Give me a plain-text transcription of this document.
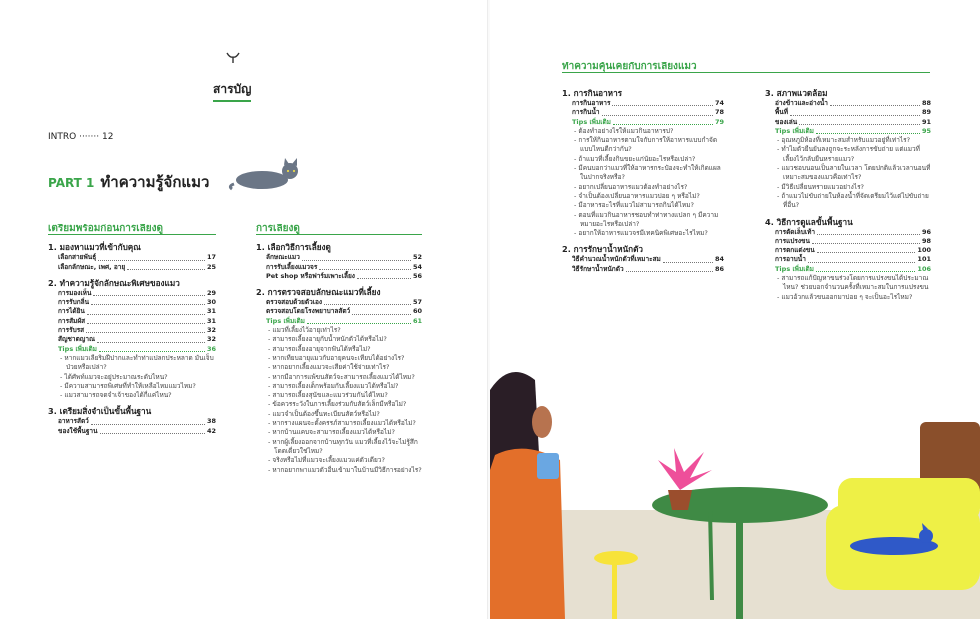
สารบัญ
INTRO ······· 12
PART 1 ทำความรู้จักแมว
เตรียมพร้อมก่อนการเลี้ยงดู
1. มองหาแมวที่เข้ากับคุณ
เลือกสายพันธุ์	17
เลือกลักษณะ, เพศ, อายุ	25
2. ทำความรู้จักลักษณะพิเศษของแมว
การมองเห็น	29
การรับกลิ่น	30
การได้ยิน	31
การสัมผัส	31
การรับรส	32
สัญชาตญาณ	32
Tips เพิ่มเติม	36
- หากแมวเลียริมฝีปากและทำท่าแปลกประหลาด มันเจ็บป่วยหรือเปล่า?
- ได้ศัพท์แมวจะอยู่ประมาณระดับไหน?
- มีความสามารถพิเศษที่ทำให้เหลือไหมแมวไหม?
- แมวสามารถจดจำเจ้าของได้กี่แค่ไหน?
3. เตรียมสิ่งจำเป็นขั้นพื้นฐาน
อาหารสัตว์	38
ของใช้พื้นฐาน	42
การเลี้ยงดู
1. เลือกวิธีการเลี้ยงดู
ลักษณะแมว	52
การรับเลี้ยงแมวจร	54
Pet shop หรือฟาร์มเพาะเลี้ยง	56
2. การตรวจสอบลักษณะแมวที่เลี้ยง
ตรวจสอบด้วยตัวเอง	57
ตรวจสอบโดยโรงพยาบาลสัตว์	60
Tips เพิ่มเติม	61
- แมวที่เลี้ยงไว้อายุเท่าไร?
- สามารถเลี้ยงอายุกับน้ำหนักตัวได้หรือไม่?
- สามารถเลี้ยงอายุจากฟันได้หรือไม่?
- หากเทียบอายุแมวกับอายุคนจะเทียบได้อย่างไร?
- หากอยากเลี้ยงแมวจะเสียค่าใช้จ่ายเท่าไร?
- หากมีอาการแพ้ขนสัตว์จะสามารถเลี้ยงแมวได้ไหม?
- สามารถเลี้ยงเด็กพร้อมกับเลี้ยงแมวได้หรือไม่?
- สามารถเลี้ยงสุนัขและแมวร่วมกันได้ไหม?
- ข้อควรระวังในการเลี้ยงร่วมกับสัตว์เล็กมีหรือไม่?
- แมวจำเป็นต้องขึ้นทะเบียนสัตว์หรือไม่?
- หากรางแผนจะตั้งครรภ์สามารถเลี้ยงแมวได้หรือไม่?
- หากบ้านแคบจะสามารถเลี้ยงแมวได้หรือไม่?
- หากผู้เลี้ยงออกจากบ้านทุกวัน แมวที่เลี้ยงไว้จะไม่รู้สึกโดดเดี่ยวใช่ไหม?
- จริงหรือไม่ที่แมวจะเลี้ยงแมวแค่ตัวเดียว?
- หากอยากพาแมวตัวอื่นเข้ามาในบ้านมีวิธีการอย่างไร?
ทำความคุ้นเคยกับการเลี้ยงแมว
1. การกินอาหาร
การกินอาหาร	74
การกินน้ำ	78
Tips เพิ่มเติม	79
- ต้องทำอย่างไรให้แมวกินอาหารบ่?
- การให้กินอาหารตามใจกับการให้อาหารแบบกำจัดแบบไหนดีกว่ากัน?
- ถ้าแมวที่เลี้ยงกินขยะแก่นัยอะไรหรือเปล่า?
- มีคนบอกว่าแมวที่ให้อาหารกระป๋องจะทำให้เกิดแผลในปากจริงหรือ?
- อยากเปลี่ยนอาหารแมวต้องทำอย่างไร?
- จำเป็นต้องเปลี่ยนอาหารแมวบ่อย ๆ หรือไม่?
- มีอาหารอะไรที่แมวไม่สามารถกินได้ไหม?
- ตอนที่แมวกินอาหารชอบทำท่าทางแปลก ๆ มีความหมายอะไรหรือเปล่า?
- อยากให้อาหารแมวจรมีเทคนิคพิเศษอะไรไหม?
2. การรักษาน้ำหนักตัว
วิธีคำนวณน้ำหนักตัวที่เหมาะสม	84
วิธีรักษาน้ำหนักตัว	86
3. สภาพแวดล้อม
อ่างข้าวและอ่างน้ำ	88
พื้นที่	89
ของเล่น	91
Tips เพิ่มเติม	95
- อุณหภูมิห้องที่เหมาะสมสำหรับแมวอยู่ที่เท่าไร?
- ทำไมตัวยืนยันลงถูกจะระหลังการขับถ่าย แต่แมวที่เลี้ยงไว้กลับยืนหรายแมว?
- แมวชอบนอนเป็นลายในเวลา โดยปกติแล้วเวลานอนที่เหมาะสมของแมวคือเท่าไร?
- มีวิธีเปลี่ยนทรายแมวอย่างไร?
- ถ้าแมวไม่ขับถ่ายในห้องน้ำที่จัดเตรียมไว้แต่ไปขับถ่ายที่อื่น?
4. วิธีการดูแลขั้นพื้นฐาน
การตัดเล็บเท้า	96
การแปรงขน	98
การตกแต่งขน	100
การอาบน้ำ	101
Tips เพิ่มเติม	106
- สามารถแก้ปัญหาขนร่วงโดยการแปรงขนได้ประมาณไหน? ช่วยบอกจำนวนครั้งที่เหมาะสมในการแปรงขน
- แมวอ้วกแล้วขนออกมาบ่อย ๆ จะเป็นอะไรไหม?
